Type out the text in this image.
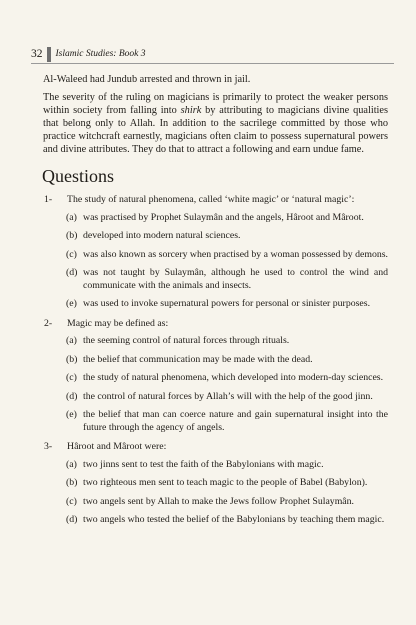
32 Islamic Studies: Book 3

Al-Waleed had Jundub arrested and thrown in jail.

The severity of the ruling on magicians is primarily to protect the weaker persons within society from falling into shirk by attributing to magicians divine qualities that belong only to Allah. In addition to the sacrilege committed by those who practice witchcraft earnestly, magicians often claim to possess supernatural powers and divine attributes. They do that to attract a following and earn undue fame.

Questions
1-	The study of natural phenomena, called ‘white magic’ or ‘natural magic’:
(a) was practised by Prophet Sulaymân and the angels, Hâroot and Mâroot.
(b) developed into modern natural sciences.
(c) was also known as sorcery when practised by a woman possessed by demons.
(d) was not taught by Sulaymân, although he used to control the wind and communicate with the animals and insects.
(e) was used to invoke supernatural powers for personal or sinister purposes.
2-	Magic may be defined as:
(a) the seeming control of natural forces through rituals.
(b) the belief that communication may be made with the dead.
(c) the study of natural phenomena, which developed into modern-day sciences.
(d) the control of natural forces by Allah’s will with the help of the good jinn.
(e) the belief that man can coerce nature and gain supernatural insight into the future through the agency of angels.
3-	Hâroot and Mâroot were:
(a) two jinns sent to test the faith of the Babylonians with magic.
(b) two righteous men sent to teach magic to the people of Babel (Babylon).
(c) two angels sent by Allah to make the Jews follow Prophet Sulaymân.
(d) two angels who tested the belief of the Babylonians by teaching them magic.
